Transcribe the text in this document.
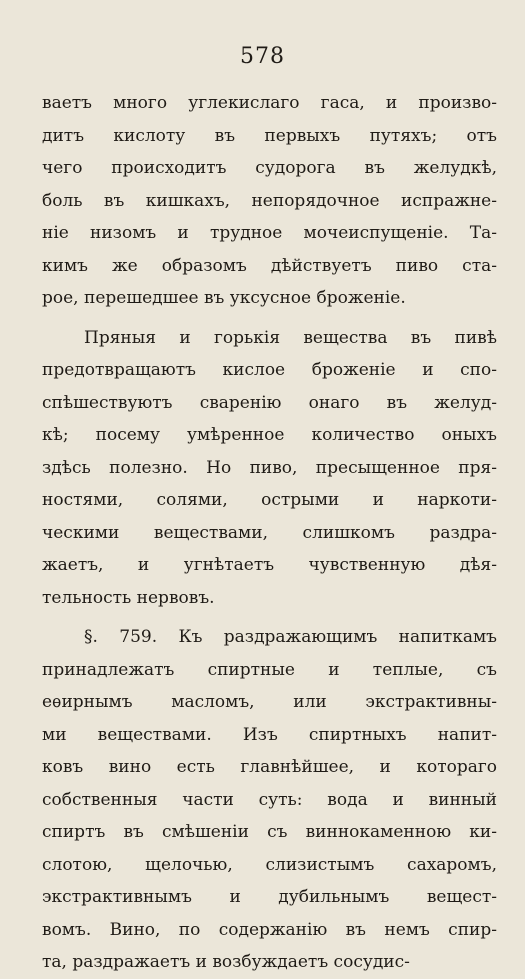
578
ваетъ много углекислаго гаса, и произво-
дитъ кислоту въ первыхъ путяхъ; отъ
чего происходитъ судорога въ желудкѣ,
боль въ кишкахъ, непорядочное испражне-
нiе низомъ и трудное мочеиспущенiе. Та-
кимъ же образомъ дѣйствуетъ пиво ста-
рое, перешедшее въ уксусное броженiе.
Пряныя и горькiя вещества въ пивѣ
предотвращаютъ кислое броженiе и спо-
спѣшествуютъ сваренiю онаго въ желуд-
кѣ; посему умѣренное количество оныхъ
здѣсь полезно. Но пиво, пресыщенное пря-
ностями, солями, острыми и наркоти-
ческими веществами, слишкомъ раздра-
жаетъ, и угнѣтаетъ чувственную дѣя-
тельность нервовъ.
§. 759. Къ раздражающимъ напиткамъ
принадлежатъ спиртные и теплые, съ
еѳирнымъ масломъ, или экстрактивны-
ми веществами. Изъ спиртныхъ напит-
ковъ вино есть главнѣйшее, и котораго
собственныя части суть: вода и винный
спиртъ въ смѣшенiи съ виннокаменною ки-
слотою, щелочью, слизистымъ сахаромъ,
экстрактивнымъ и дубильнымъ вещест-
вомъ. Вино, по содержанiю въ немъ спир-
та, раздражаетъ и возбуждаетъ сосудис-
